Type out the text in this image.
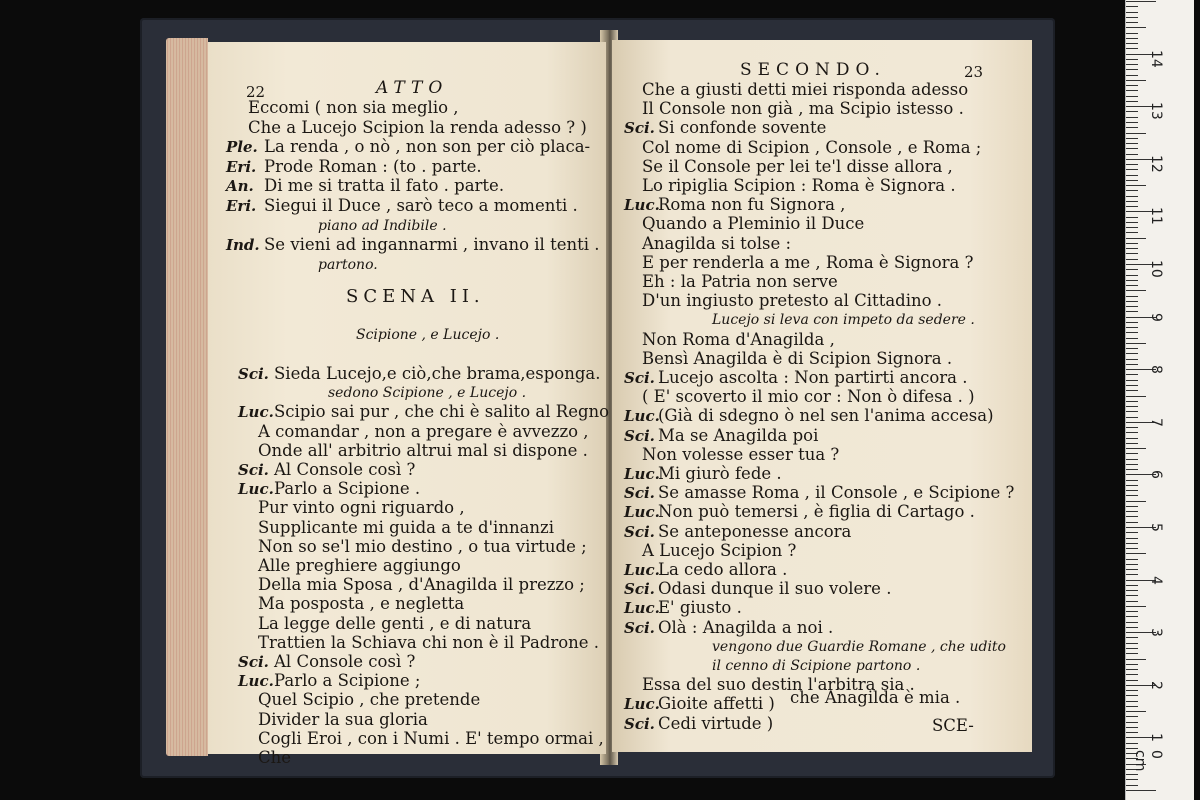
22	ATTO
Eccomi ( non sia meglio ,
Che a Lucejo Scipion la renda adesso ? )
Ple. La renda , o nò , non son per ciò placa-
Eri. Prode Roman : (to . parte.
An. Di me si tratta il fato . parte.
Eri. Siegui il Duce , sarò teco a momenti .
piano ad Indibile .
Ind. Se vieni ad ingannarmi , invano il tenti .
partono.
SCENA II.
Scipione , e Lucejo .
Sci. Sieda Lucejo,e ciò,che brama,esponga.
sedono Scipione , e Lucejo .
Luc. Scipio sai pur , che chi è salito al Regno
A comandar , non a pregare è avvezzo ,
Onde all' arbitrio altrui mal si dispone .
Sci. Al Console così ?
Luc. Parlo a Scipione .
Pur vinto ogni riguardo ,
Supplicante mi guida a te d'innanzi
Non so se'l mio destino , o tua virtude ;
Alle preghiere aggiungo
Della mia Sposa , d'Anagilda il prezzo ;
Ma posposta , e negletta
La legge delle genti , e di natura
Trattien la Schiava chi non è il Padrone .
Sci. Al Console così ?
Luc. Parlo a Scipione ;
Quel Scipio , che pretende
Divider la sua gloria
Cogli Eroi , con i Numi . E' tempo ormai ,
Che
SECONDO.	23
Che a giusti detti miei risponda adesso
Il Console non già , ma Scipio istesso .
Sci. Si confonde sovente
Col nome di Scipion , Console , e Roma ;
Se il Console per lei te'l disse allora ,
Lo ripiglia Scipion : Roma è Signora .
Luc.
Roma non fu Signora ,
Quando a Pleminio il Duce
Anagilda si tolse :
E per renderla a me , Roma è Signora ?
Eh : la Patria non serve
D'un ingiusto pretesto al Cittadino .
Lucejo si leva con impeto da sedere .
Non Roma d'Anagilda ,
Bensì Anagilda è di Scipion Signora .
Sci. Lucejo ascolta : Non partirti ancora .
( E' scoverto il mio cor : Non ò difesa . )
Luc.
(Già di sdegno ò nel sen l'anima accesa)
Sci. Ma se Anagilda poi
Non volesse esser tua ?
Luc.
Mi giurò fede .
Sci. Se amasse Roma , il Console , e Scipione ?
Luc.
Non può temersi , è figlia di Cartago .
Sci. Se anteponesse ancora
A Lucejo Scipion ?
Luc.
La cedo allora .
Sci. Odasi dunque il suo volere .
Luc.
E' giusto .
Sci. Olà : Anagilda a noi .
vengono due Guardie Romane , che udito
il cenno di Scipione partono .
Essa del suo destin l'arbitra sia .
Luc.
Gioite affetti )
Sci. Cedi virtude )
che Anagilda è mia .
SCE-
0 cm
1
2
3
4
5
6
7
8
9
10
11
12
13
14
